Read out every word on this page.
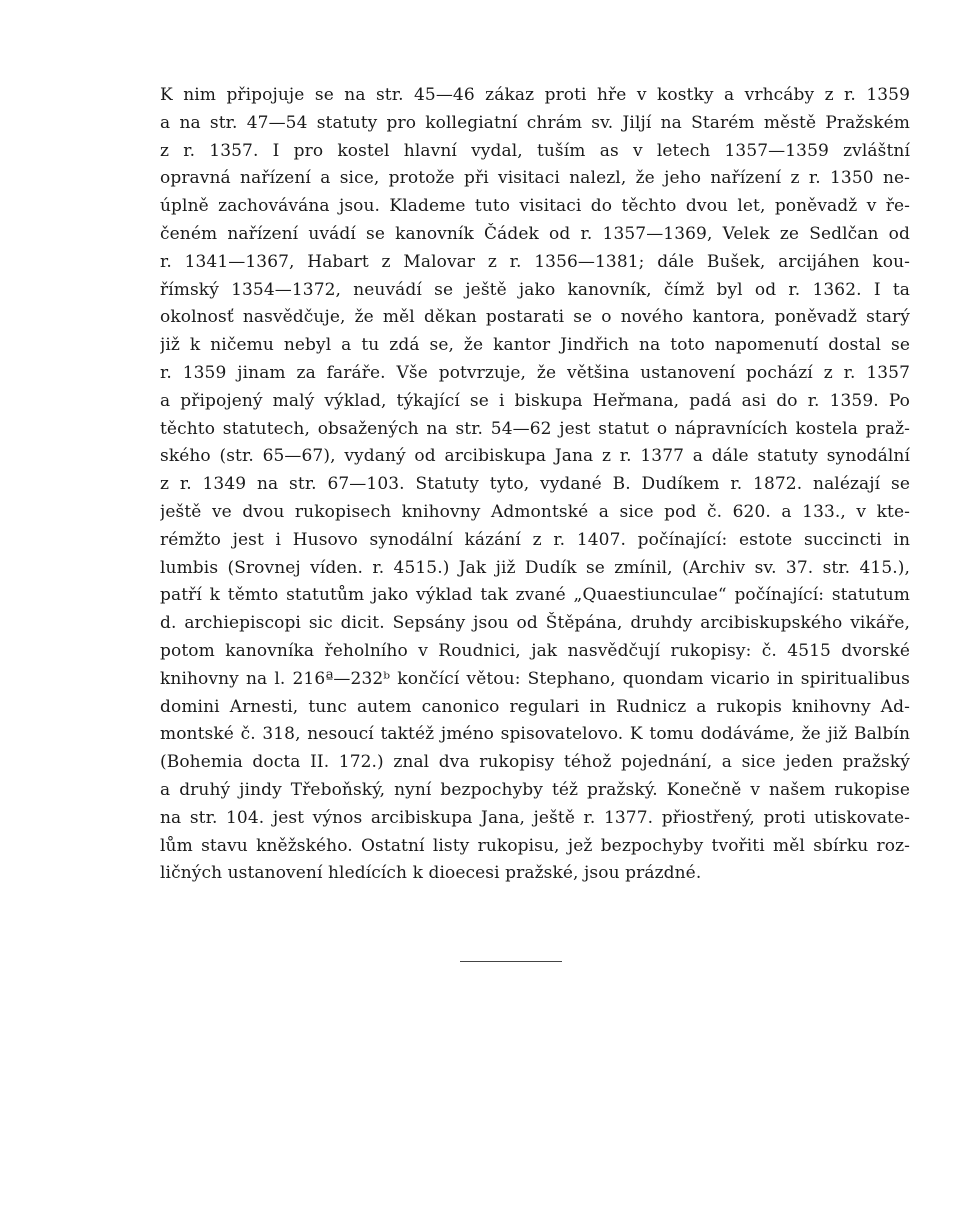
K nim připojuje se na str. 45—46 zákaz proti hře v kostky a vrhcáby z r. 1359
a na str. 47—54 statuty pro kollegiatní chrám sv. Jiljí na Starém městě Pražském
z r. 1357. I pro kostel hlavní vydal, tuším as v letech 1357—1359 zvláštní
opravná nařízení a sice, protože při visitaci nalezl, že jeho nařízení z r. 1350 ne-
úplně zachovávána jsou. Klademe tuto visitaci do těchto dvou let, poněvadž v ře-
čeném nařízení uvádí se kanovník Čádek od r. 1357—1369, Velek ze Sedlčan od
r. 1341—1367, Habart z Malovar z r. 1356—1381; dále Bušek, arcijáhen kou-
římský 1354—1372, neuvádí se ještě jako kanovník, čímž byl od r. 1362. I ta
okolnosť nasvědčuje, že měl děkan postarati se o nového kantora, poněvadž starý
již k ničemu nebyl a tu zdá se, že kantor Jindřich na toto napomenutí dostal se
r. 1359 jinam za faráře. Vše potvrzuje, že většina ustanovení pochází z r. 1357
a připojený malý výklad, týkající se i biskupa Heřmana, padá asi do r. 1359. Po
těchto statutech, obsažených na str. 54—62 jest statut o nápravnících kostela praž-
ského (str. 65—67), vydaný od arcibiskupa Jana z r. 1377 a dále statuty synodální
z r. 1349 na str. 67—103. Statuty tyto, vydané B. Dudíkem r. 1872. nalézají se
ještě ve dvou rukopisech knihovny Admontské a sice pod č. 620. a 133., v kte-
rémžto jest i Husovo synodální kázání z r. 1407. počínající: estote succincti in
lumbis (Srovnej víden. r. 4515.) Jak již Dudík se zmínil, (Archiv sv. 37. str. 415.),
patří k těmto statutům jako výklad tak zvané „Quaestiunculae“ počínající: statutum
d. archiepiscopi sic dicit. Sepsány jsou od Štěpána, druhdy arcibiskupského vikáře,
potom kanovníka řeholního v Roudnici, jak nasvědčují rukopisy: č. 4515 dvorské
knihovny na l. 216ª—232ᵇ končící větou: Stephano, quondam vicario in spiritualibus
domini Arnesti, tunc autem canonico regulari in Rudnicz a rukopis knihovny Ad-
montské č. 318, nesoucí taktéž jméno spisovatelovo. K tomu dodáváme, že již Balbín
(Bohemia docta II. 172.) znal dva rukopisy téhož pojednání, a sice jeden pražský
a druhý jindy Třeboňský, nyní bezpochyby též pražský. Konečně v našem rukopise
na str. 104. jest výnos arcibiskupa Jana, ještě r. 1377. přiostřený, proti utiskovate-
lům stavu kněžského. Ostatní listy rukopisu, jež bezpochyby tvořiti měl sbírku roz-
ličných ustanovení hledících k dioecesi pražské, jsou prázdné.
